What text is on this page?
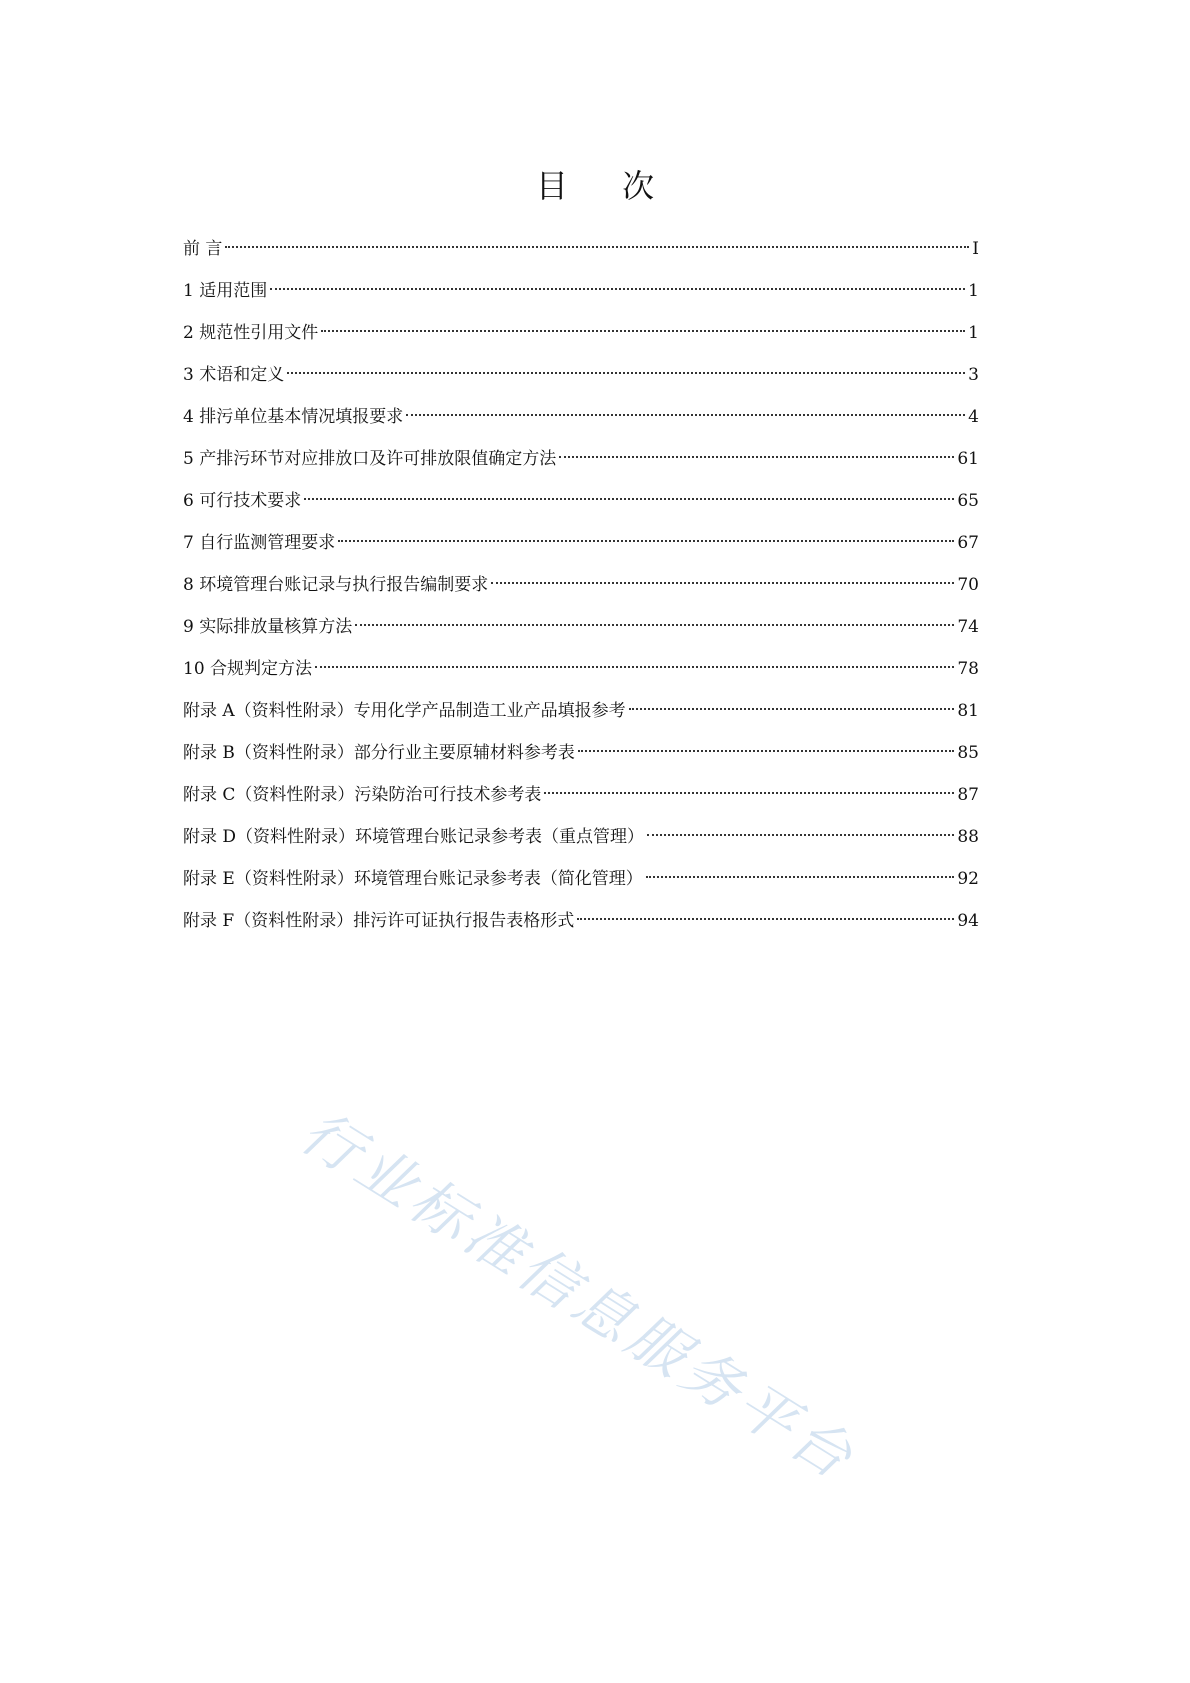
目 次
前 言	I
1 适用范围	1
2 规范性引用文件	1
3 术语和定义	3
4 排污单位基本情况填报要求	4
5 产排污环节对应排放口及许可排放限值确定方法	61
6 可行技术要求	65
7 自行监测管理要求	67
8 环境管理台账记录与执行报告编制要求	70
9 实际排放量核算方法	74
10 合规判定方法	78
附录 A（资料性附录）专用化学产品制造工业产品填报参考	81
附录 B（资料性附录）部分行业主要原辅材料参考表	85
附录 C（资料性附录）污染防治可行技术参考表	87
附录 D（资料性附录）环境管理台账记录参考表（重点管理）	88
附录 E（资料性附录）环境管理台账记录参考表（简化管理）	92
附录 F（资料性附录）排污许可证执行报告表格形式	94
行业标准信息服务平台
